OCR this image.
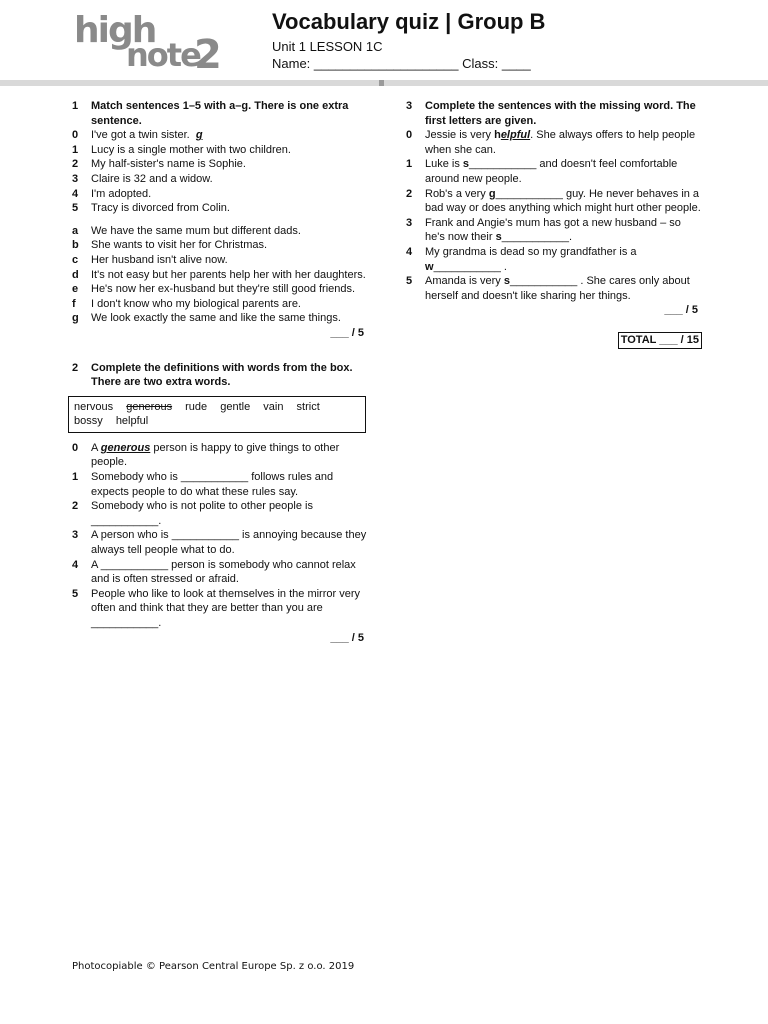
high
note
2
Vocabulary quiz | Group B
Unit 1 LESSON 1C
Name: ____________________ Class: ____
1	Match sentences 1–5 with a–g. There is one extra sentence.
0	I've got a twin sister. g
1	Lucy is a single mother with two children.
2	My half-sister's name is Sophie.
3	Claire is 32 and a widow.
4	I'm adopted.
5	Tracy is divorced from Colin.
a	We have the same mum but different dads.
b	She wants to visit her for Christmas.
c	Her husband isn't alive now.
d	It's not easy but her parents help her with her daughters.
e	He's now her ex-husband but they're still good friends.
f	I don't know who my biological parents are.
g	We look exactly the same and like the same things.
___ / 5
2	Complete the definitions with words from the box. There are two extra words.
nervous generous rude gentle vain strict bossy helpful
0	A generous person is happy to give things to other people.
1	Somebody who is ___________ follows rules and expects people to do what these rules say.
2	Somebody who is not polite to other people is ___________.
3	A person who is ___________ is annoying because they always tell people what to do.
4	A ___________ person is somebody who cannot relax and is often stressed or afraid.
5	People who like to look at themselves in the mirror very often and think that they are better than you are ___________.
___ / 5
3	Complete the sentences with the missing word. The first letters are given.
0	Jessie is very helpful. She always offers to help people when she can.
1	Luke is s___________ and doesn't feel comfortable around new people.
2	Rob's a very g___________ guy. He never behaves in a bad way or does anything which might hurt other people.
3	Frank and Angie's mum has got a new husband – so he's now their s___________.
4	My grandma is dead so my grandfather is a w___________ .
5	Amanda is very s___________ . She cares only about herself and doesn't like sharing her things.
___ / 5
TOTAL ___ / 15
Photocopiable © Pearson Central Europe Sp. z o.o. 2019
